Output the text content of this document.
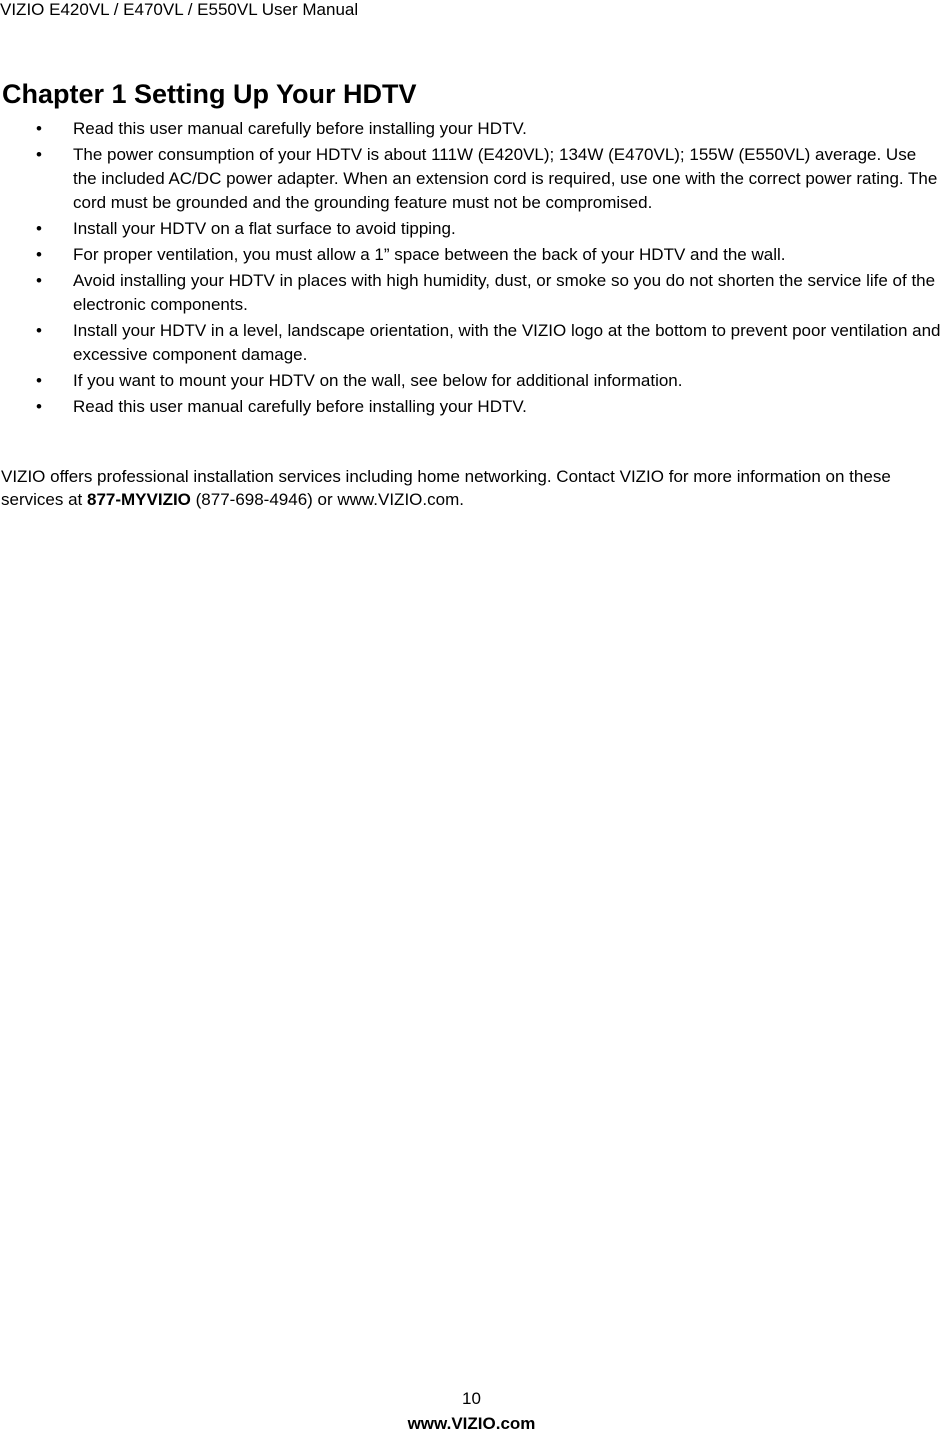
VIZIO E420VL / E470VL / E550VL User Manual
Chapter 1 Setting Up Your HDTV
• Read this user manual carefully before installing your HDTV.
• The power consumption of your HDTV is about 111W (E420VL); 134W (E470VL); 155W (E550VL) average. Use the included AC/DC power adapter. When an extension cord is required, use one with the correct power rating. The cord must be grounded and the grounding feature must not be compromised.
• Install your HDTV on a flat surface to avoid tipping.
• For proper ventilation, you must allow a 1” space between the back of your HDTV and the wall.
• Avoid installing your HDTV in places with high humidity, dust, or smoke so you do not shorten the service life of the electronic components.
• Install your HDTV in a level, landscape orientation, with the VIZIO logo at the bottom to prevent poor ventilation and excessive component damage.
• If you want to mount your HDTV on the wall, see below for additional information.
• Read this user manual carefully before installing your HDTV.

VIZIO offers professional installation services including home networking. Contact VIZIO for more information on these services at 877-MYVIZIO (877-698-4946) or www.VIZIO.com.

10
www.VIZIO.com
